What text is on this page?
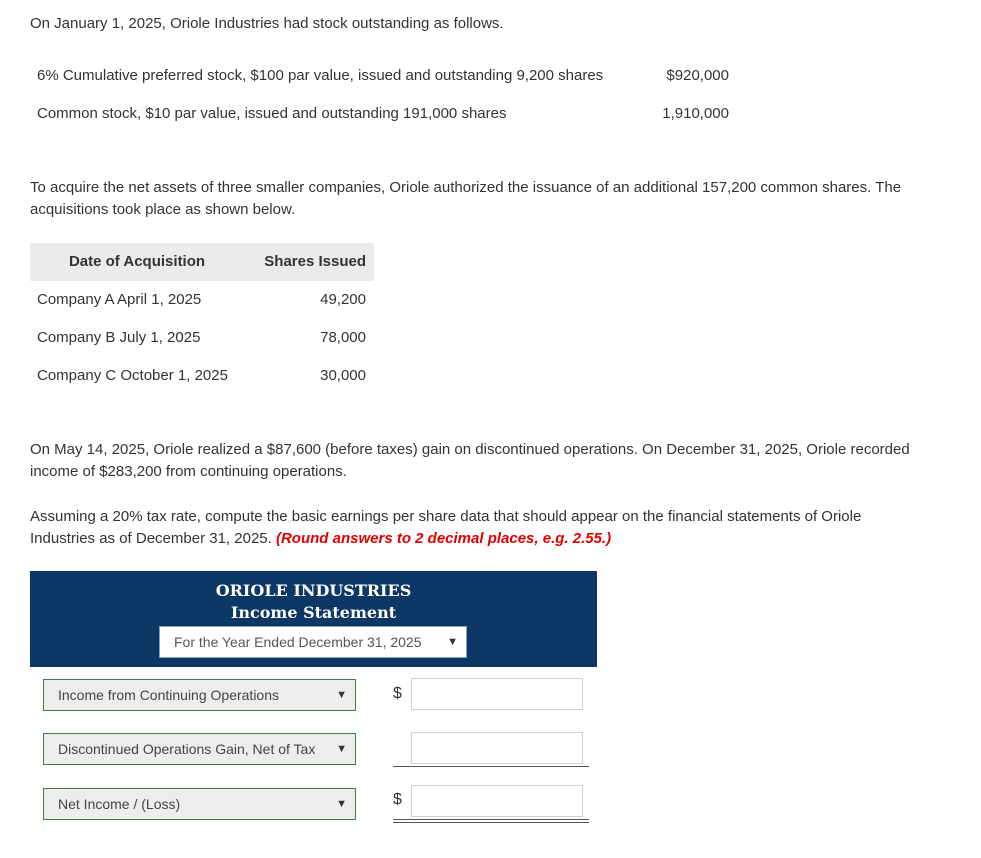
On January 1, 2025, Oriole Industries had stock outstanding as follows.

6% Cumulative preferred stock, $100 par value, issued and outstanding 9,200 shares	$920,000
Common stock, $10 par value, issued and outstanding 191,000 shares	1,910,000

To acquire the net assets of three smaller companies, Oriole authorized the issuance of an additional 157,200 common shares. The acquisitions took place as shown below.

Date of Acquisition	Shares Issued
Company A April 1, 2025	49,200
Company B July 1, 2025	78,000
Company C October 1, 2025	30,000

On May 14, 2025, Oriole realized a $87,600 (before taxes) gain on discontinued operations. On December 31, 2025, Oriole recorded income of $283,200 from continuing operations.

Assuming a 20% tax rate, compute the basic earnings per share data that should appear on the financial statements of Oriole Industries as of December 31, 2025. (Round answers to 2 decimal places, e.g. 2.55.)

ORIOLE INDUSTRIES
Income Statement
For the Year Ended December 31, 2025 ▼
Income from Continuing Operations	▼	$
Discontinued Operations Gain, Net of Tax ▼
Net Income / (Loss)	▼	$
